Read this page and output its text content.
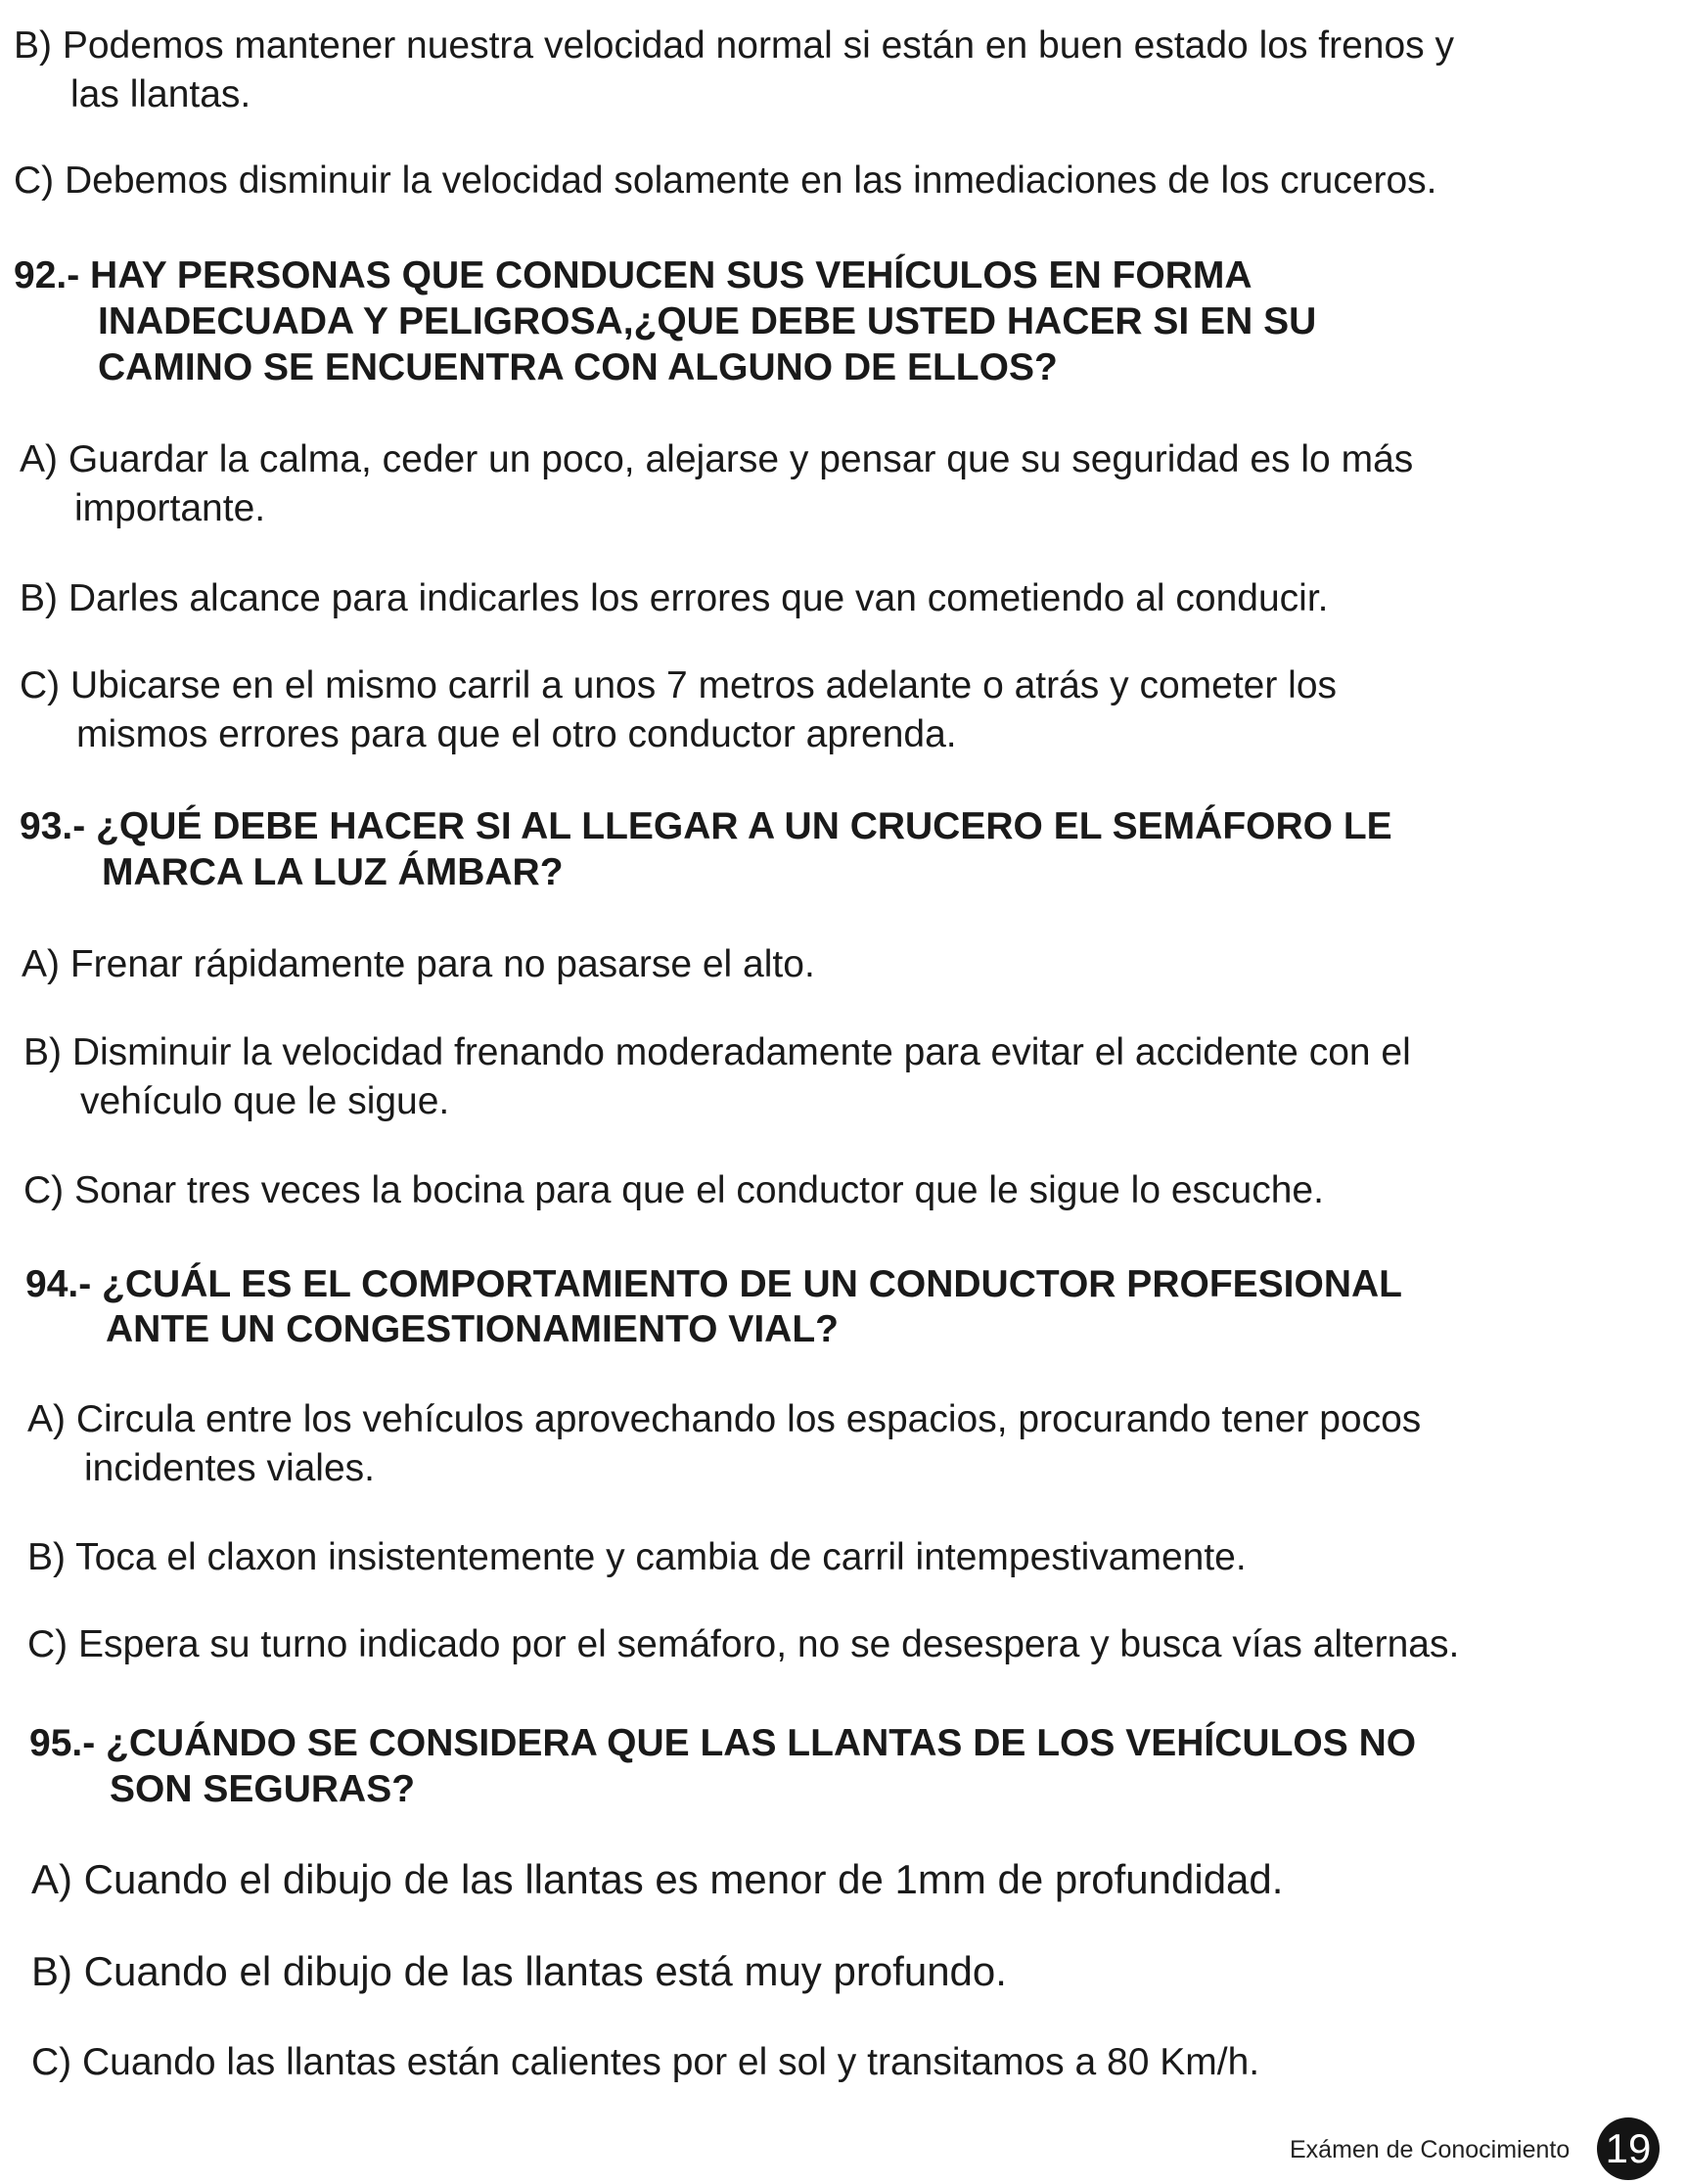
B) Podemos mantener nuestra velocidad normal si están en buen estado los frenos y
las llantas.
C) Debemos disminuir la velocidad solamente en las inmediaciones de los cruceros.
92.- HAY PERSONAS QUE CONDUCEN SUS VEHÍCULOS EN FORMA
INADECUADA Y PELIGROSA,¿QUE DEBE USTED HACER SI EN SU
CAMINO SE ENCUENTRA CON ALGUNO DE ELLOS?
A) Guardar la calma, ceder un poco, alejarse y pensar que su seguridad es lo más
importante.
B) Darles alcance para indicarles los errores que van cometiendo al conducir.
C) Ubicarse en el mismo carril a unos 7 metros adelante o atrás y cometer los
mismos errores para que el otro conductor aprenda.
93.- ¿QUÉ DEBE HACER SI AL LLEGAR A UN CRUCERO EL SEMÁFORO LE
MARCA LA LUZ ÁMBAR?
A) Frenar rápidamente para no pasarse el alto.
B) Disminuir la velocidad frenando moderadamente para evitar el accidente con el
vehículo que le sigue.
C) Sonar tres veces la bocina para que el conductor que le sigue lo escuche.
94.- ¿CUÁL ES EL COMPORTAMIENTO DE UN CONDUCTOR PROFESIONAL
ANTE UN CONGESTIONAMIENTO VIAL?
A) Circula entre los vehículos aprovechando los espacios, procurando tener pocos
incidentes viales.
B) Toca el claxon insistentemente y cambia de carril intempestivamente.
C) Espera su turno indicado por el semáforo, no se desespera y busca vías alternas.
95.- ¿CUÁNDO SE CONSIDERA QUE LAS LLANTAS DE LOS VEHÍCULOS NO
SON SEGURAS?
A) Cuando el dibujo de las llantas es menor de 1mm de profundidad.
B) Cuando el dibujo de las llantas está muy profundo.
C) Cuando las llantas están calientes por el sol y transitamos a 80 Km/h.
Exámen de Conocimiento 19
